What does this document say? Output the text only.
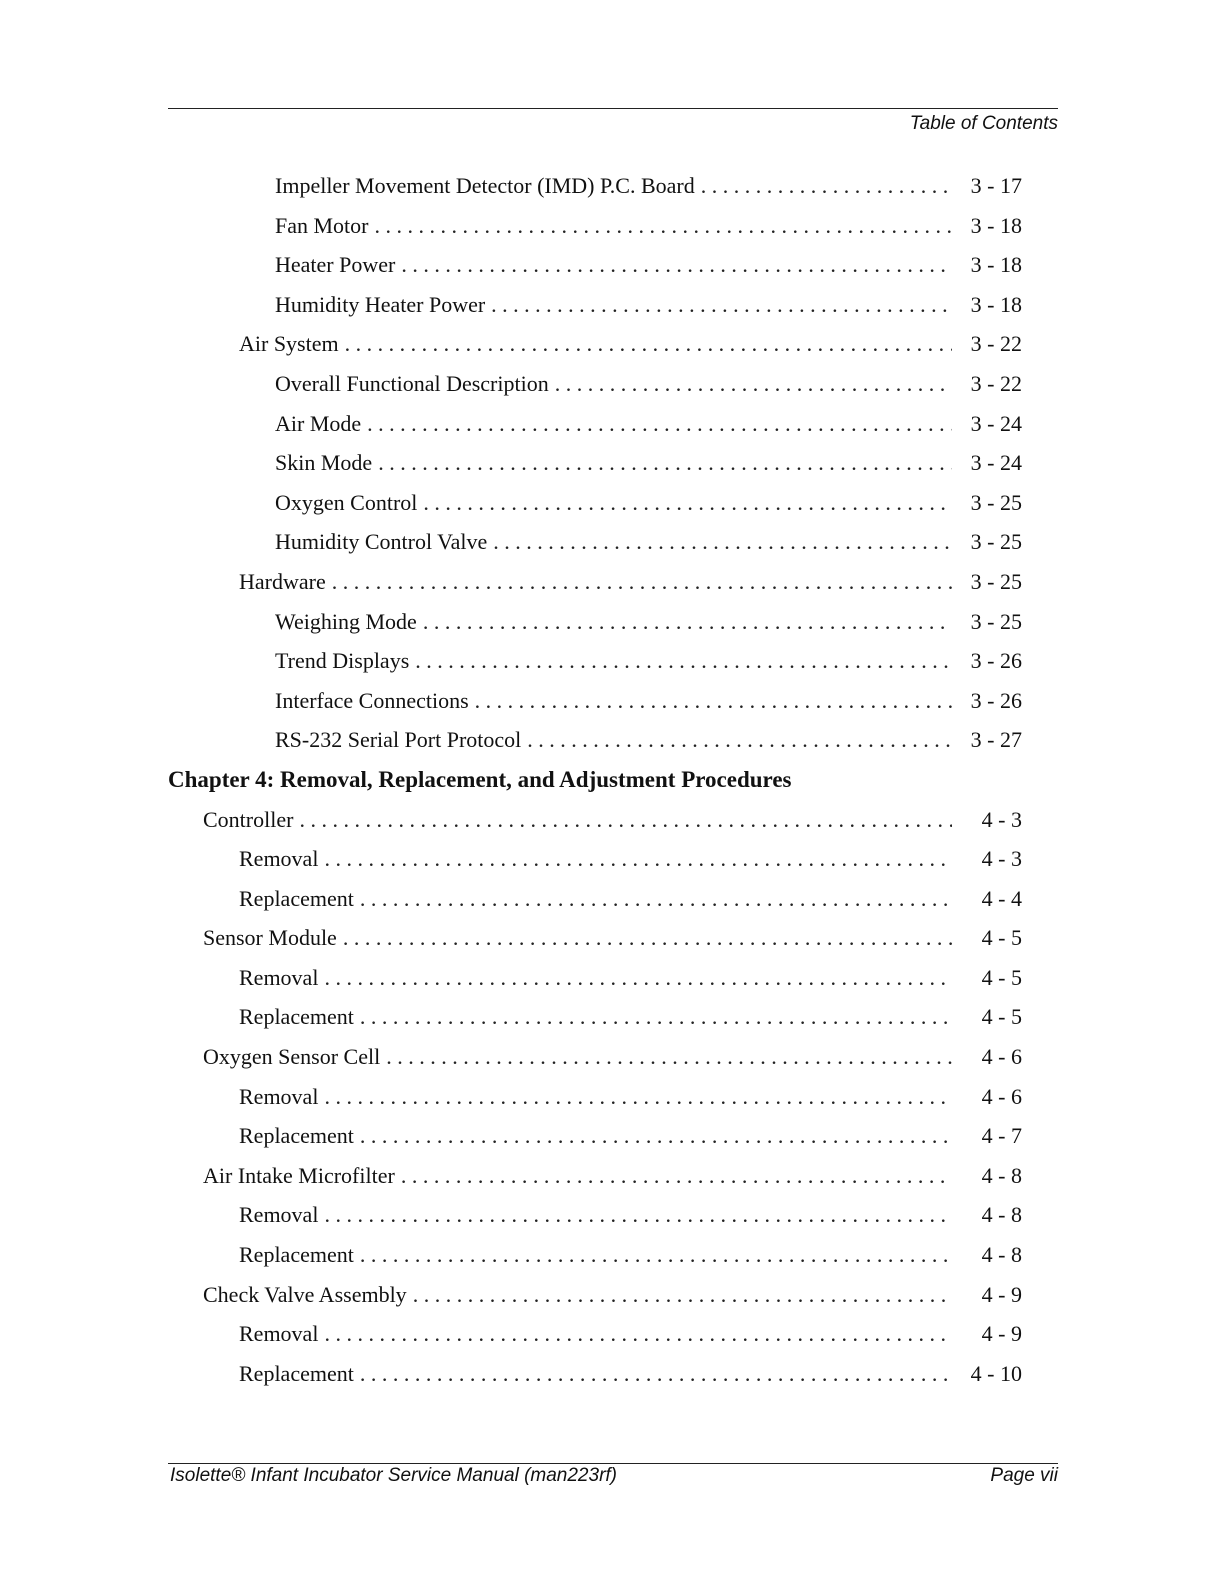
Table of Contents
Impeller Movement Detector (IMD) P.C. Board . . .	3 - 17
Fan Motor . . .	3 - 18
Heater Power . . .	3 - 18
Humidity Heater Power . . .	3 - 18
Air System . . .	3 - 22
Overall Functional Description . . .	3 - 22
Air Mode . . .	3 - 24
Skin Mode . . .	3 - 24
Oxygen Control . . .	3 - 25
Humidity Control Valve . . .	3 - 25
Hardware . . .	3 - 25
Weighing Mode . . .	3 - 25
Trend Displays . . .	3 - 26
Interface Connections . . .	3 - 26
RS-232 Serial Port Protocol . . .	3 - 27
Chapter 4: Removal, Replacement, and Adjustment Procedures
Controller . . .	4 - 3
Removal . . .	4 - 3
Replacement . . .	4 - 4
Sensor Module . . .	4 - 5
Removal . . .	4 - 5
Replacement . . .	4 - 5
Oxygen Sensor Cell . . .	4 - 6
Removal . . .	4 - 6
Replacement . . .	4 - 7
Air Intake Microfilter . . .	4 - 8
Removal . . .	4 - 8
Replacement . . .	4 - 8
Check Valve Assembly . . .	4 - 9
Removal . . .	4 - 9
Replacement . . .	4 - 10
Isolette® Infant Incubator Service Manual (man223rf)	Page vii
